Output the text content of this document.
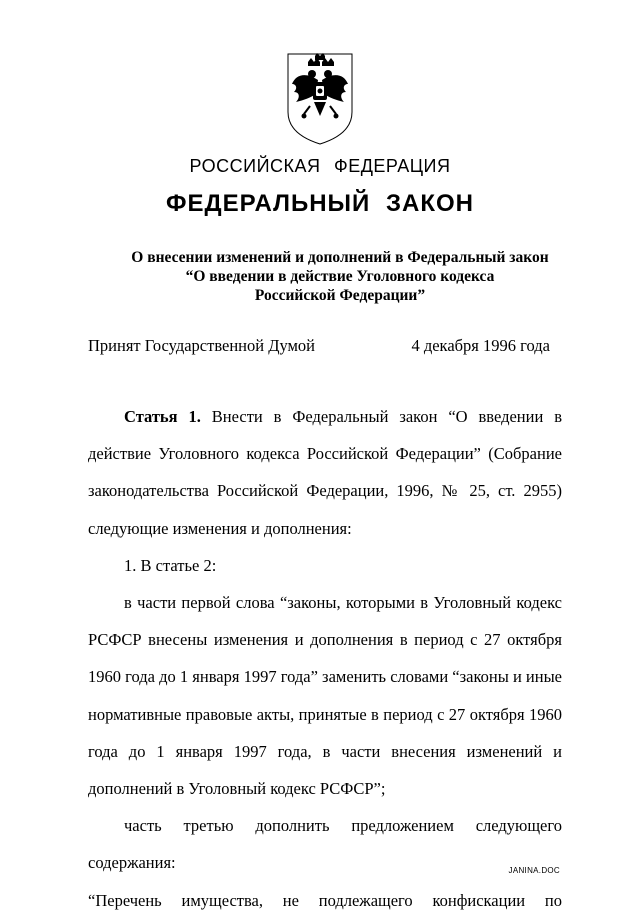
РОССИЙСКАЯ ФЕДЕРАЦИЯ
ФЕДЕРАЛЬНЫЙ ЗАКОН
О внесении изменений и дополнений в Федеральный закон
“О введении в действие Уголовного кодекса
Российской Федерации”
Принят Государственной Думой	4 декабря 1996 года

Статья 1. Внести в Федеральный закон “О введении в действие Уголовного кодекса Российской Федерации” (Собрание законодательства Российской Федерации, 1996, № 25, ст. 2955) следующие изменения и дополнения:

1. В статье 2:

в части первой слова “законы, которыми в Уголовный кодекс РСФСР внесены изменения и дополнения в период с 27 октября 1960 года до 1 января 1997 года” заменить словами “законы и иные нормативные правовые акты, принятые в период с 27 октября 1960 года до 1 января 1997 года, в части внесения изменений и дополнений в Уголовный кодекс РСФСР”;

часть третью дополнить предложением следующего содержания:

“Перечень имущества, не подлежащего конфискации по

JANINA.DOC
